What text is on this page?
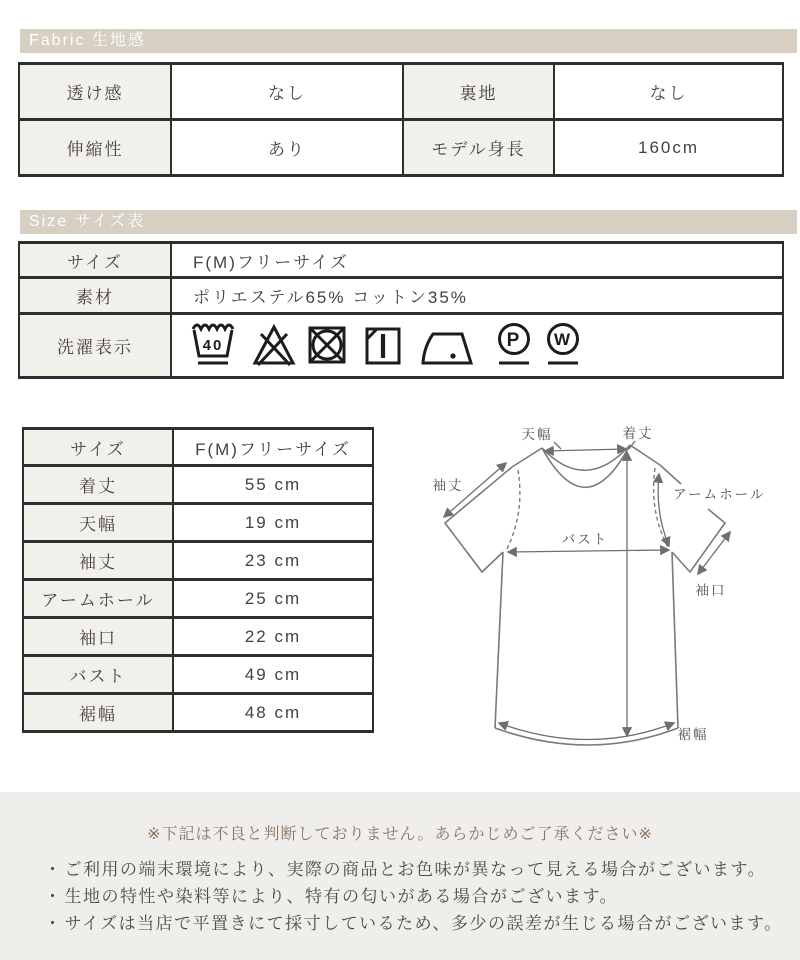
Fabric 生地感
透け感	なし	裏地	なし
伸縮性	あり	モデル身長	160cm
Size サイズ表
サイズ	F(M)フリーサイズ
素材	ポリエステル65% コットン35%
洗濯表示	40 P W
サイズ	F(M)フリーサイズ
着丈	55 cm
天幅	19 cm
袖丈	23 cm
アームホール	25 cm
袖口	22 cm
バスト	49 cm
裾幅	48 cm
天幅	着丈
袖丈
アームホール
バスト
袖口
裾幅
※下記は不良と判断しておりません。あらかじめご了承ください※
・ ご利用の端末環境により、実際の商品とお色味が異なって見える場合がございます。
・ 生地の特性や染料等により、特有の匂いがある場合がございます。
・ サイズは当店で平置きにて採寸しているため、多少の誤差が生じる場合がございます。
